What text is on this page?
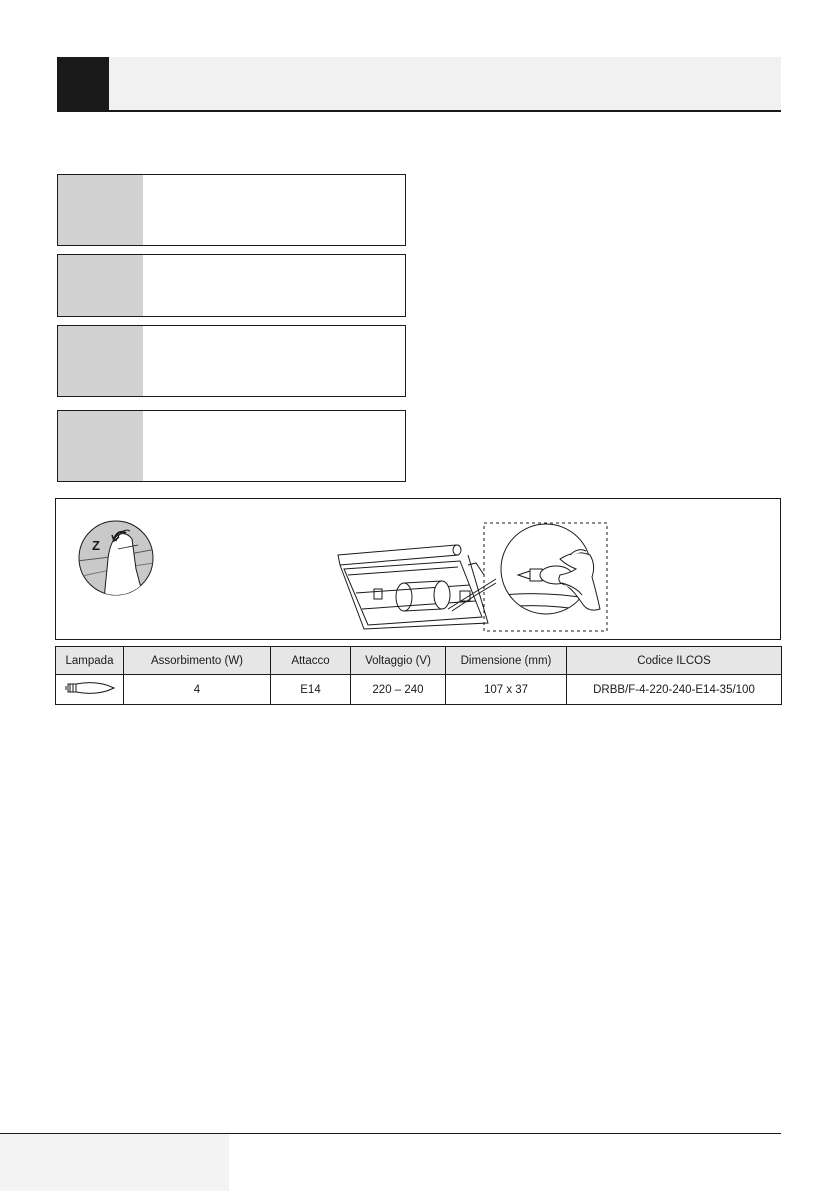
Z
Lampada	Assorbimento (W)	Attacco	Voltaggio (V)	Dimensione (mm)	Codice ILCOS
	4	E14	220 – 240	107 x 37	DRBB/F-4-220-240-E14-35/100
